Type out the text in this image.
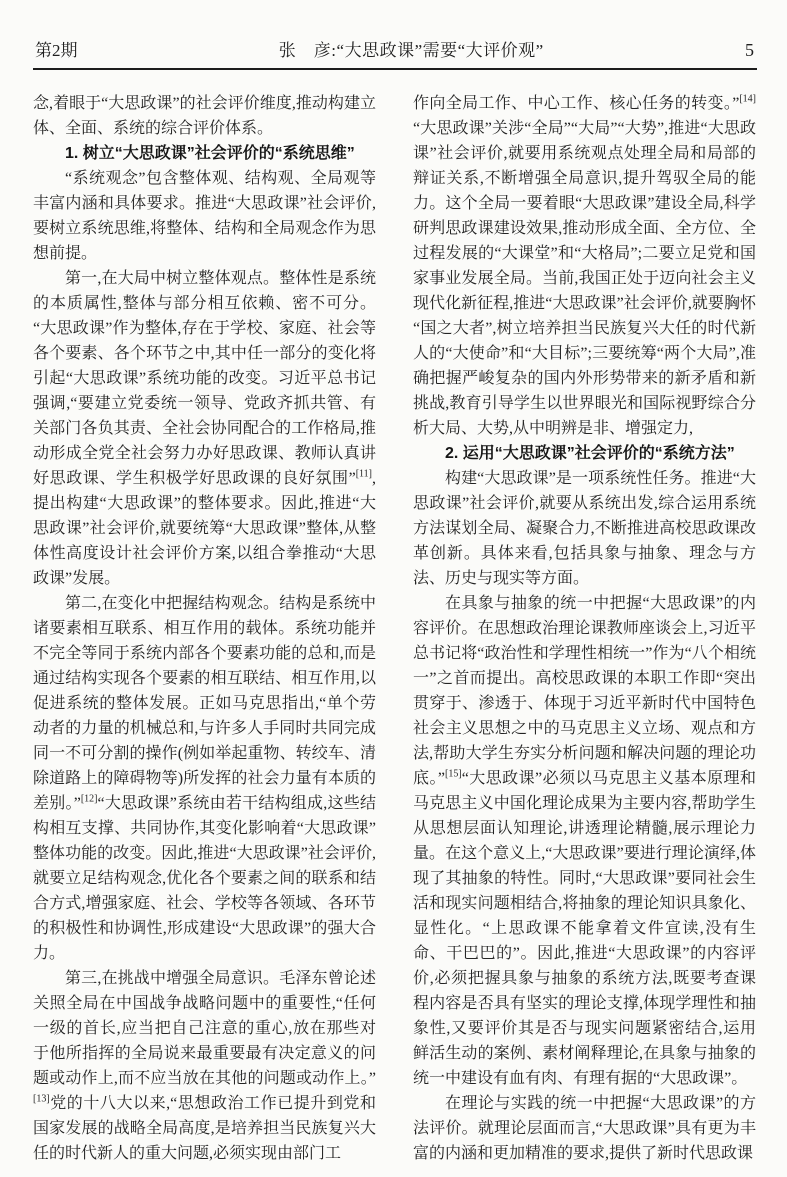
第2期	张　彦:“大思政课”需要“大评价观”	5

念,着眼于“大思政课”的社会评价维度,推动构建立体、全面、系统的综合评价体系。

1. 树立“大思政课”社会评价的“系统思维”

“系统观念”包含整体观、结构观、全局观等丰富内涵和具体要求。推进“大思政课”社会评价,要树立系统思维,将整体、结构和全局观念作为思想前提。

第一,在大局中树立整体观点。整体性是系统的本质属性,整体与部分相互依赖、密不可分。“大思政课”作为整体,存在于学校、家庭、社会等各个要素、各个环节之中,其中任一部分的变化将引起“大思政课”系统功能的改变。习近平总书记强调,“要建立党委统一领导、党政齐抓共管、有关部门各负其责、全社会协同配合的工作格局,推动形成全党全社会努力办好思政课、教师认真讲好思政课、学生积极学好思政课的良好氛围”[11],提出构建“大思政课”的整体要求。因此,推进“大思政课”社会评价,就要统筹“大思政课”整体,从整体性高度设计社会评价方案,以组合拳推动“大思政课”发展。

第二,在变化中把握结构观念。结构是系统中诸要素相互联系、相互作用的载体。系统功能并不完全等同于系统内部各个要素功能的总和,而是通过结构实现各个要素的相互联结、相互作用,以促进系统的整体发展。正如马克思指出,“单个劳动者的力量的机械总和,与许多人手同时共同完成同一不可分割的操作(例如举起重物、转绞车、清除道路上的障碍物等)所发挥的社会力量有本质的差别。”[12]“大思政课”系统由若干结构组成,这些结构相互支撑、共同协作,其变化影响着“大思政课”整体功能的改变。因此,推进“大思政课”社会评价,就要立足结构观念,优化各个要素之间的联系和结合方式,增强家庭、社会、学校等各领域、各环节的积极性和协调性,形成建设“大思政课”的强大合力。

第三,在挑战中增强全局意识。毛泽东曾论述关照全局在中国战争战略问题中的重要性,“任何一级的首长,应当把自己注意的重心,放在那些对于他所指挥的全局说来最重要最有决定意义的问题或动作上,而不应当放在其他的问题或动作上。”[13]党的十八大以来,“思想政治工作已提升到党和国家发展的战略全局高度,是培养担当民族复兴大任的时代新人的重大问题,必须实现由部门工

作向全局工作、中心工作、核心任务的转变。”[14]“大思政课”关涉“全局”“大局”“大势”,推进“大思政课”社会评价,就要用系统观点处理全局和局部的辩证关系,不断增强全局意识,提升驾驭全局的能力。这个全局一要着眼“大思政课”建设全局,科学研判思政课建设效果,推动形成全面、全方位、全过程发展的“大课堂”和“大格局”;二要立足党和国家事业发展全局。当前,我国正处于迈向社会主义现代化新征程,推进“大思政课”社会评价,就要胸怀“国之大者”,树立培养担当民族复兴大任的时代新人的“大使命”和“大目标”;三要统筹“两个大局”,准确把握严峻复杂的国内外形势带来的新矛盾和新挑战,教育引导学生以世界眼光和国际视野综合分析大局、大势,从中明辨是非、增强定力,

2. 运用“大思政课”社会评价的“系统方法”

构建“大思政课”是一项系统性任务。推进“大思政课”社会评价,就要从系统出发,综合运用系统方法谋划全局、凝聚合力,不断推进高校思政课改革创新。具体来看,包括具象与抽象、理念与方法、历史与现实等方面。

在具象与抽象的统一中把握“大思政课”的内容评价。在思想政治理论课教师座谈会上,习近平总书记将“政治性和学理性相统一”作为“八个相统一”之首而提出。高校思政课的本职工作即“突出贯穿于、渗透于、体现于习近平新时代中国特色社会主义思想之中的马克思主义立场、观点和方法,帮助大学生夯实分析问题和解决问题的理论功底。”[15]“大思政课”必须以马克思主义基本原理和马克思主义中国化理论成果为主要内容,帮助学生从思想层面认知理论,讲透理论精髓,展示理论力量。在这个意义上,“大思政课”要进行理论演绎,体现了其抽象的特性。同时,“大思政课”要同社会生活和现实问题相结合,将抽象的理论知识具象化、显性化。“上思政课不能拿着文件宣读,没有生命、干巴巴的”。因此,推进“大思政课”的内容评价,必须把握具象与抽象的系统方法,既要考查课程内容是否具有坚实的理论支撑,体现学理性和抽象性,又要评价其是否与现实问题紧密结合,运用鲜活生动的案例、素材阐释理论,在具象与抽象的统一中建设有血有肉、有理有据的“大思政课”。

在理论与实践的统一中把握“大思政课”的方法评价。就理论层面而言,“大思政课”具有更为丰富的内涵和更加精准的要求,提供了新时代思政课
